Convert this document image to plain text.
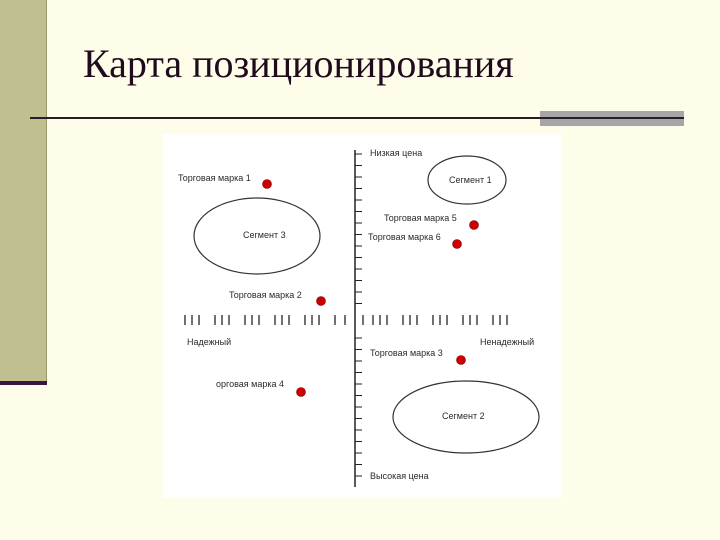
Карта позиционирования
Низкая цена
Высокая цена
Надежный	Ненадежный
Сегмент 1
Сегмент 2
Сегмент 3
Торговая марка 1
Торговая марка 2
Торговая марка 3
орговая марка 4
Торговая марка 5
Торговая марка 6
